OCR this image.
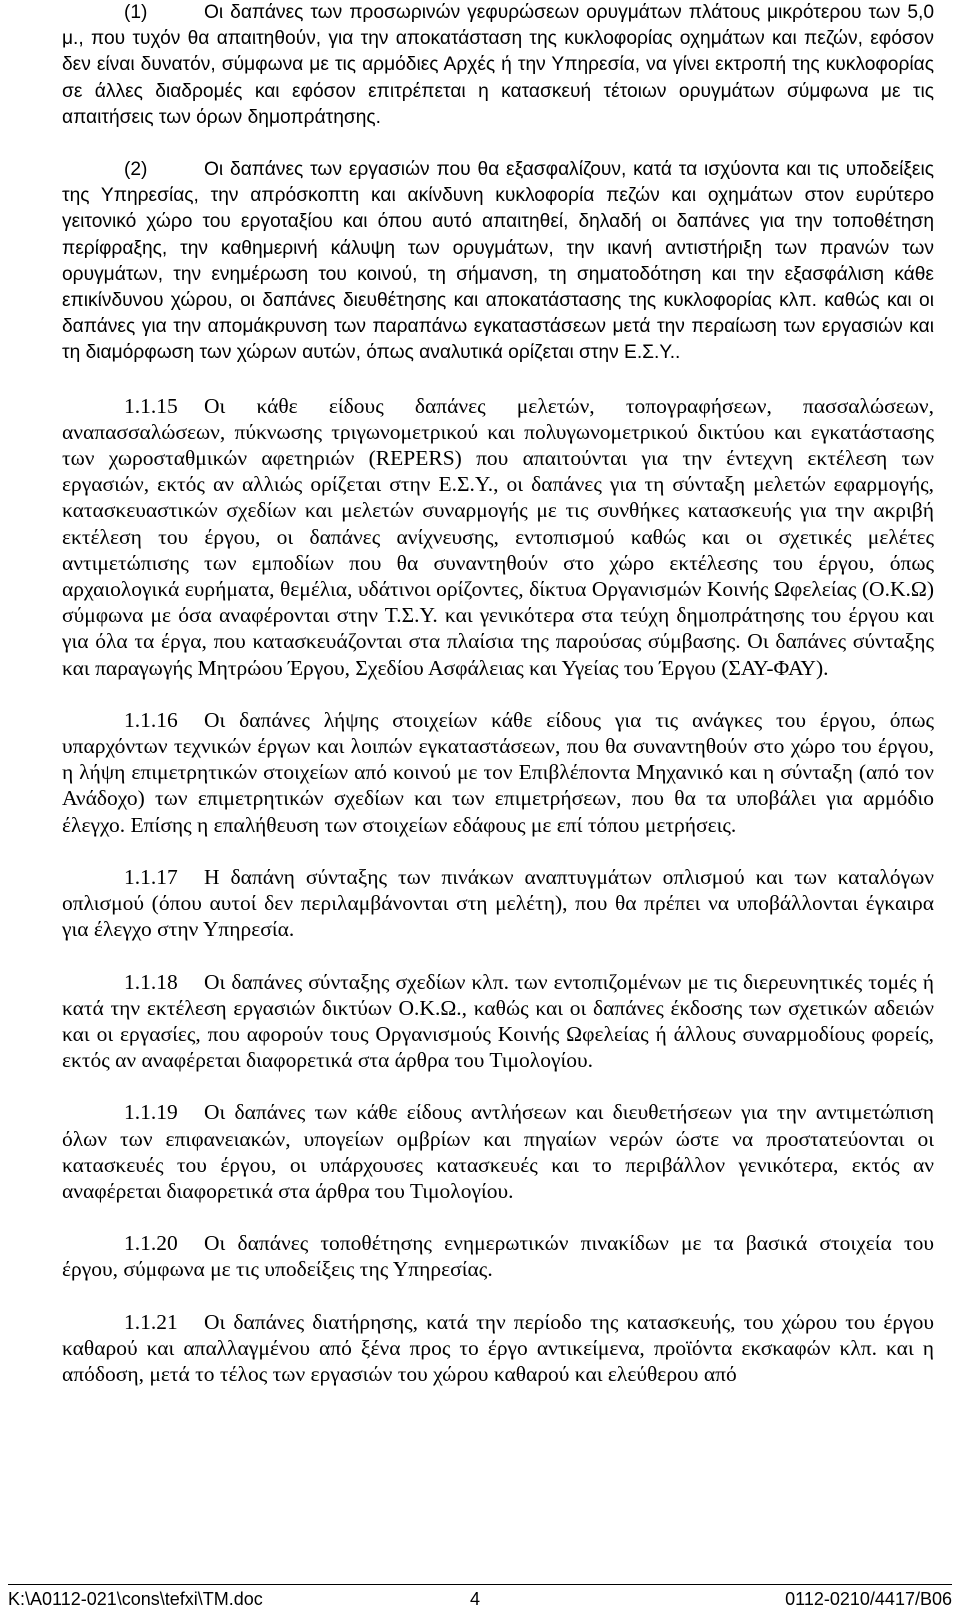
(1)	Οι δαπάνες των προσωρινών γεφυρώσεων ορυγμάτων πλάτους μικρότερου των 5,0 μ., που τυχόν θα απαιτηθούν, για την αποκατάσταση της κυκλοφορίας οχημάτων και πεζών, εφόσον δεν είναι δυνατόν, σύμφωνα με τις αρμόδιες Αρχές ή την Υπηρεσία, να γίνει εκτροπή της κυκλοφορίας σε άλλες διαδρομές και εφόσον επιτρέπεται η κατασκευή τέτοιων ορυγμάτων σύμφωνα με τις απαιτήσεις των όρων δημοπράτησης.

(2)	Οι δαπάνες των εργασιών που θα εξασφαλίζουν, κατά τα ισχύοντα και τις υποδείξεις της Υπηρεσίας, την απρόσκοπτη και ακίνδυνη κυκλοφορία πεζών και οχημάτων στον ευρύτερο γειτονικό χώρο του εργοταξίου και όπου αυτό απαιτηθεί, δηλαδή οι δαπάνες για την τοποθέτηση περίφραξης, την καθημερινή κάλυψη των ορυγμάτων, την ικανή αντιστήριξη των πρανών των ορυγμάτων, την ενημέρωση του κοινού, τη σήμανση, τη σηματοδότηση και την εξασφάλιση κάθε επικίνδυνου χώρου, οι δαπάνες διευθέτησης και αποκατάστασης της κυκλοφορίας κλπ. καθώς και οι δαπάνες για την απομάκρυνση των παραπάνω εγκαταστάσεων μετά την περαίωση των εργασιών και τη διαμόρφωση των χώρων αυτών, όπως αναλυτικά ορίζεται στην Ε.Σ.Υ..

1.1.15 Οι κάθε είδους δαπάνες μελετών, τοπογραφήσεων, πασσαλώσεων, αναπασσαλώσεων, πύκνωσης τριγωνομετρικού και πολυγωνομετρικού δικτύου και εγκατάστασης των χωροσταθμικών αφετηριών (REPERS) που απαιτούνται για την έντεχνη εκτέλεση των εργασιών, εκτός αν αλλιώς ορίζεται στην Ε.Σ.Υ., οι δαπάνες για τη σύνταξη μελετών εφαρμογής, κατασκευαστικών σχεδίων και μελετών συναρμογής με τις συνθήκες κατασκευής για την ακριβή εκτέλεση του έργου, οι δαπάνες ανίχνευσης, εντοπισμού καθώς και οι σχετικές μελέτες αντιμετώπισης των εμποδίων που θα συναντηθούν στο χώρο εκτέλεσης του έργου, όπως αρχαιολογικά ευρήματα, θεμέλια, υδάτινοι ορίζοντες, δίκτυα Οργανισμών Κοινής Ωφελείας (Ο.Κ.Ω) σύμφωνα με όσα αναφέρονται στην Τ.Σ.Υ. και γενικότερα στα τεύχη δημοπράτησης του έργου και για όλα τα έργα, που κατασκευάζονται στα πλαίσια της παρούσας σύμβασης. Οι δαπάνες σύνταξης και παραγωγής Μητρώου Έργου, Σχεδίου Ασφάλειας και Υγείας του Έργου (ΣΑΥ-ΦΑΥ).

1.1.16 Οι δαπάνες λήψης στοιχείων κάθε είδους για τις ανάγκες του έργου, όπως υπαρχόντων τεχνικών έργων και λοιπών εγκαταστάσεων, που θα συναντηθούν στο χώρο του έργου, η λήψη επιμετρητικών στοιχείων από κοινού με τον Επιβλέποντα Μηχανικό και η σύνταξη (από τον Ανάδοχο) των επιμετρητικών σχεδίων και των επιμετρήσεων, που θα τα υποβάλει για αρμόδιο έλεγχο. Επίσης η επαλήθευση των στοιχείων εδάφους με επί τόπου μετρήσεις.

1.1.17 Η δαπάνη σύνταξης των πινάκων αναπτυγμάτων οπλισμού και των καταλόγων οπλισμού (όπου αυτοί δεν περιλαμβάνονται στη μελέτη), που θα πρέπει να υποβάλλονται έγκαιρα για έλεγχο στην Υπηρεσία.

1.1.18 Οι δαπάνες σύνταξης σχεδίων κλπ. των εντοπιζομένων με τις διερευνητικές τομές ή κατά την εκτέλεση εργασιών δικτύων Ο.Κ.Ω., καθώς και οι δαπάνες έκδοσης των σχετικών αδειών και οι εργασίες, που αφορούν τους Οργανισμούς Κοινής Ωφελείας ή άλλους συναρμοδίους φορείς, εκτός αν αναφέρεται διαφορετικά στα άρθρα του Τιμολογίου.

1.1.19 Οι δαπάνες των κάθε είδους αντλήσεων και διευθετήσεων για την αντιμετώπιση όλων των επιφανειακών, υπογείων ομβρίων και πηγαίων νερών ώστε να προστατεύονται οι κατασκευές του έργου, οι υπάρχουσες κατασκευές και το περιβάλλον γενικότερα, εκτός αν αναφέρεται διαφορετικά στα άρθρα του Τιμολογίου.

1.1.20 Οι δαπάνες τοποθέτησης ενημερωτικών πινακίδων με τα βασικά στοιχεία του έργου, σύμφωνα με τις υποδείξεις της Υπηρεσίας.

1.1.21 Οι δαπάνες διατήρησης, κατά την περίοδο της κατασκευής, του χώρου του έργου καθαρού και απαλλαγμένου από ξένα προς το έργο αντικείμενα, προϊόντα εκσκαφών κλπ. και η απόδοση, μετά το τέλος των εργασιών του χώρου καθαρού και ελεύθερου από

K:\A0112-021\cons\tefxi\TM.doc	4	0112-0210/4417/B06
